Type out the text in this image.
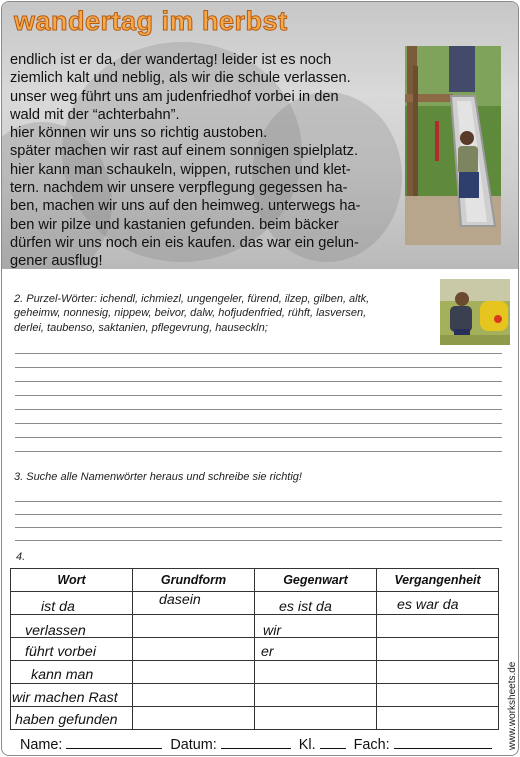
wandertag im herbst

endlich ist er da, der wandertag! leider ist es noch
ziemlich kalt und neblig, als wir die schule verlassen.
unser weg führt uns am judenfriedhof vorbei in den
wald mit der “achterbahn”.
hier können wir uns so richtig austoben.
später machen wir rast auf einem sonnigen spielplatz.
hier kann man schaukeln, wippen, rutschen und klet-
tern. nachdem wir unsere verpflegung gegessen ha-
ben, machen wir uns auf den heimweg. unterwegs ha-
ben wir pilze und kastanien gefunden. beim bäcker
dürfen wir uns noch ein eis kaufen. das war ein gelun-
gener ausflug!

2. Purzel-Wörter: ichendl, ichmiezl, ungengeler, fürend, ilzep, gilben, altk,
geheimw, nonnesig, nippew, beivor, dalw, hofjudenfried, rühft, lasversen,
derlei, taubenso, saktanien, pflegevrung, hauseckln;
3. Suche alle Namenwörter heraus und schreibe sie richtig!
4.
Wort	Grundform	Gegenwart	Vergangenheit
ist da	dasein	es ist da	es war da
verlassen		wir	
führt vorbei		er	
kann man			
wir machen Rast			
haben gefunden			
Name:	Datum:	Kl.	Fach:	www.worksheets.de
